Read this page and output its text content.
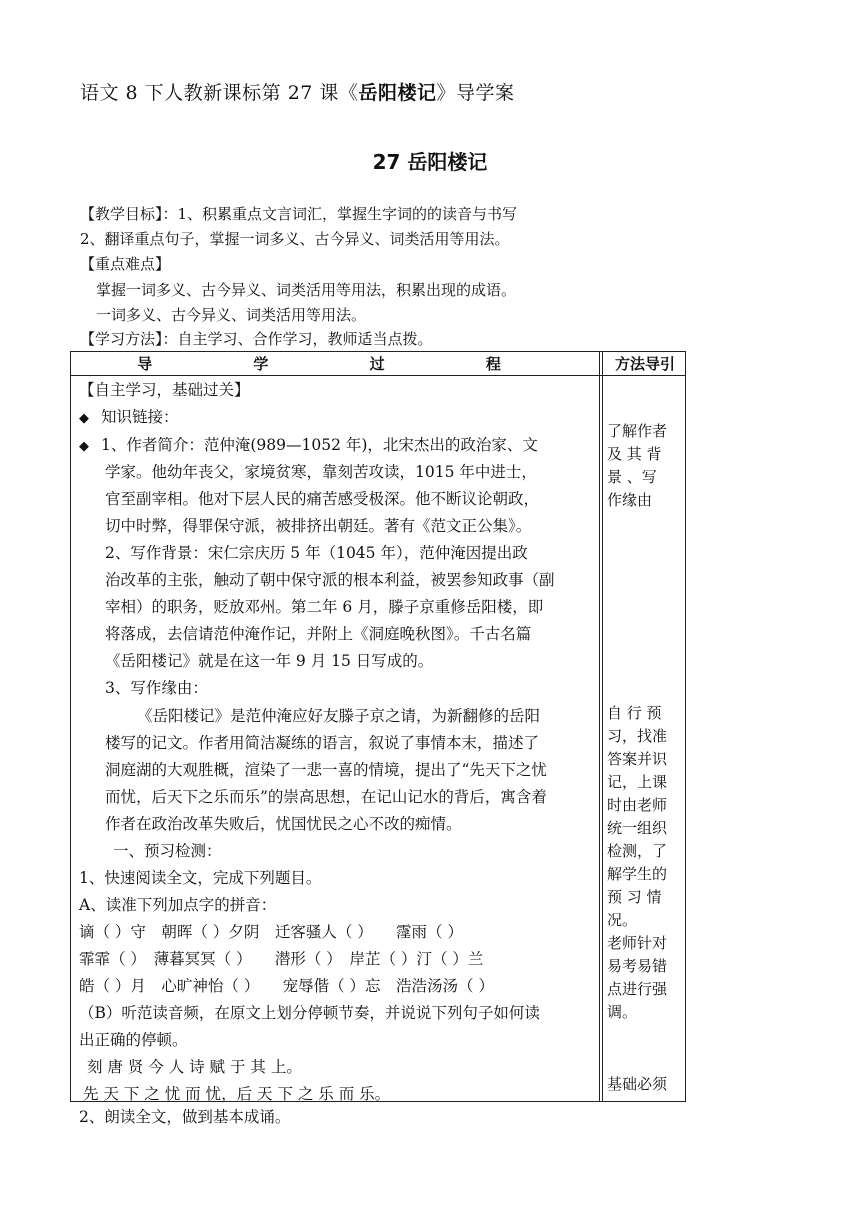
语文 8 下人教新课标第 27 课《岳阳楼记》导学案
27 岳阳楼记
【教学目标】：1、积累重点文言词汇，掌握生字词的的读音与书写
2、翻译重点句子，掌握一词多义、古今异义、词类活用等用法。
【重点难点】
掌握一词多义、古今异义、词类活用等用法，积累出现的成语。
一词多义、古今异义、词类活用等用法。
【学习方法】：自主学习、合作学习，教师适当点拨。
导 学 过 程	方法导引
【自主学习，基础过关】
◆ 知识链接：
◆ 1、作者简介：范仲淹(989—1052 年)，北宋杰出的政治家、文
学家。他幼年丧父，家境贫寒，靠刻苦攻读，1015 年中进士，
官至副宰相。他对下层人民的痛苦感受极深。他不断议论朝政，
切中时弊，得罪保守派，被排挤出朝廷。著有《范文正公集》。
2、写作背景：宋仁宗庆历 5 年（1045 年），范仲淹因提出政
治改革的主张，触动了朝中保守派的根本利益，被罢参知政事（副
宰相）的职务，贬放邓州。第二年 6 月，滕子京重修岳阳楼，即
将落成，去信请范仲淹作记，并附上《洞庭晚秋图》。千古名篇
《岳阳楼记》就是在这一年 9 月 15 日写成的。
3、写作缘由：
《岳阳楼记》是范仲淹应好友滕子京之请，为新翻修的岳阳
楼写的记文。作者用简洁凝练的语言，叙说了事情本末，描述了
洞庭湖的大观胜概，渲染了一悲一喜的情境，提出了“先天下之忧
而忧，后天下之乐而乐”的崇高思想，在记山记水的背后，寓含着
作者在政治改革失败后，忧国忧民之心不改的痴情。
一、预习检测：
1、快速阅读全文，完成下列题目。
A、读准下列加点字的拼音：
谪（ ）守　朝晖（ ）夕阴　迁客骚人（ ）　　霪雨（ ）
霏霏（ ）　薄暮冥冥（ ）　　潜形（ ）　岸芷（ ）汀（ ）兰
皓（ ）月　心旷神怡（ ）　　宠辱偕（ ）忘　浩浩汤汤（ ）
（B）听范读音频，在原文上划分停顿节奏，并说说下列句子如何读
出正确的停顿。
刻 唐 贤 今 人 诗 赋 于 其 上。
先 天 下 之 忧 而 忧，后 天 下 之 乐 而 乐。
2、朗读全文，做到基本成诵。
了解作者
及 其 背
景 、写
作缘由
自 行 预
习，找准
答案并识
记，上课
时由老师
统一组织
检测，了
解学生的
预 习 情
况。
老师针对
易考易错
点进行强
调。
基础必须
